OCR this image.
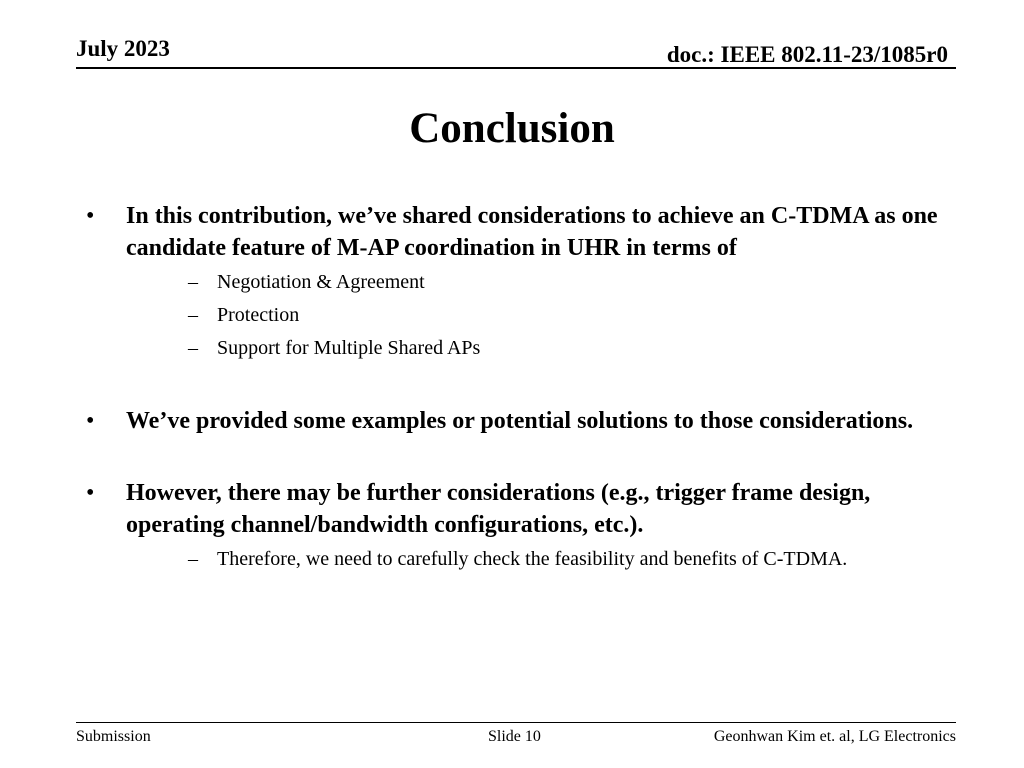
July 2023	doc.: IEEE 802.11-23/1085r0
Conclusion
• In this contribution, we’ve shared considerations to achieve an C-TDMA as one candidate feature of M-AP coordination in UHR in terms of
– Negotiation & Agreement
– Protection
– Support for Multiple Shared APs
• We’ve provided some examples or potential solutions to those considerations.
• However, there may be further considerations (e.g., trigger frame design, operating channel/bandwidth configurations, etc.).
– Therefore, we need to carefully check the feasibility and benefits of C-TDMA.
Submission	Slide 10	Geonhwan Kim et. al, LG Electronics
